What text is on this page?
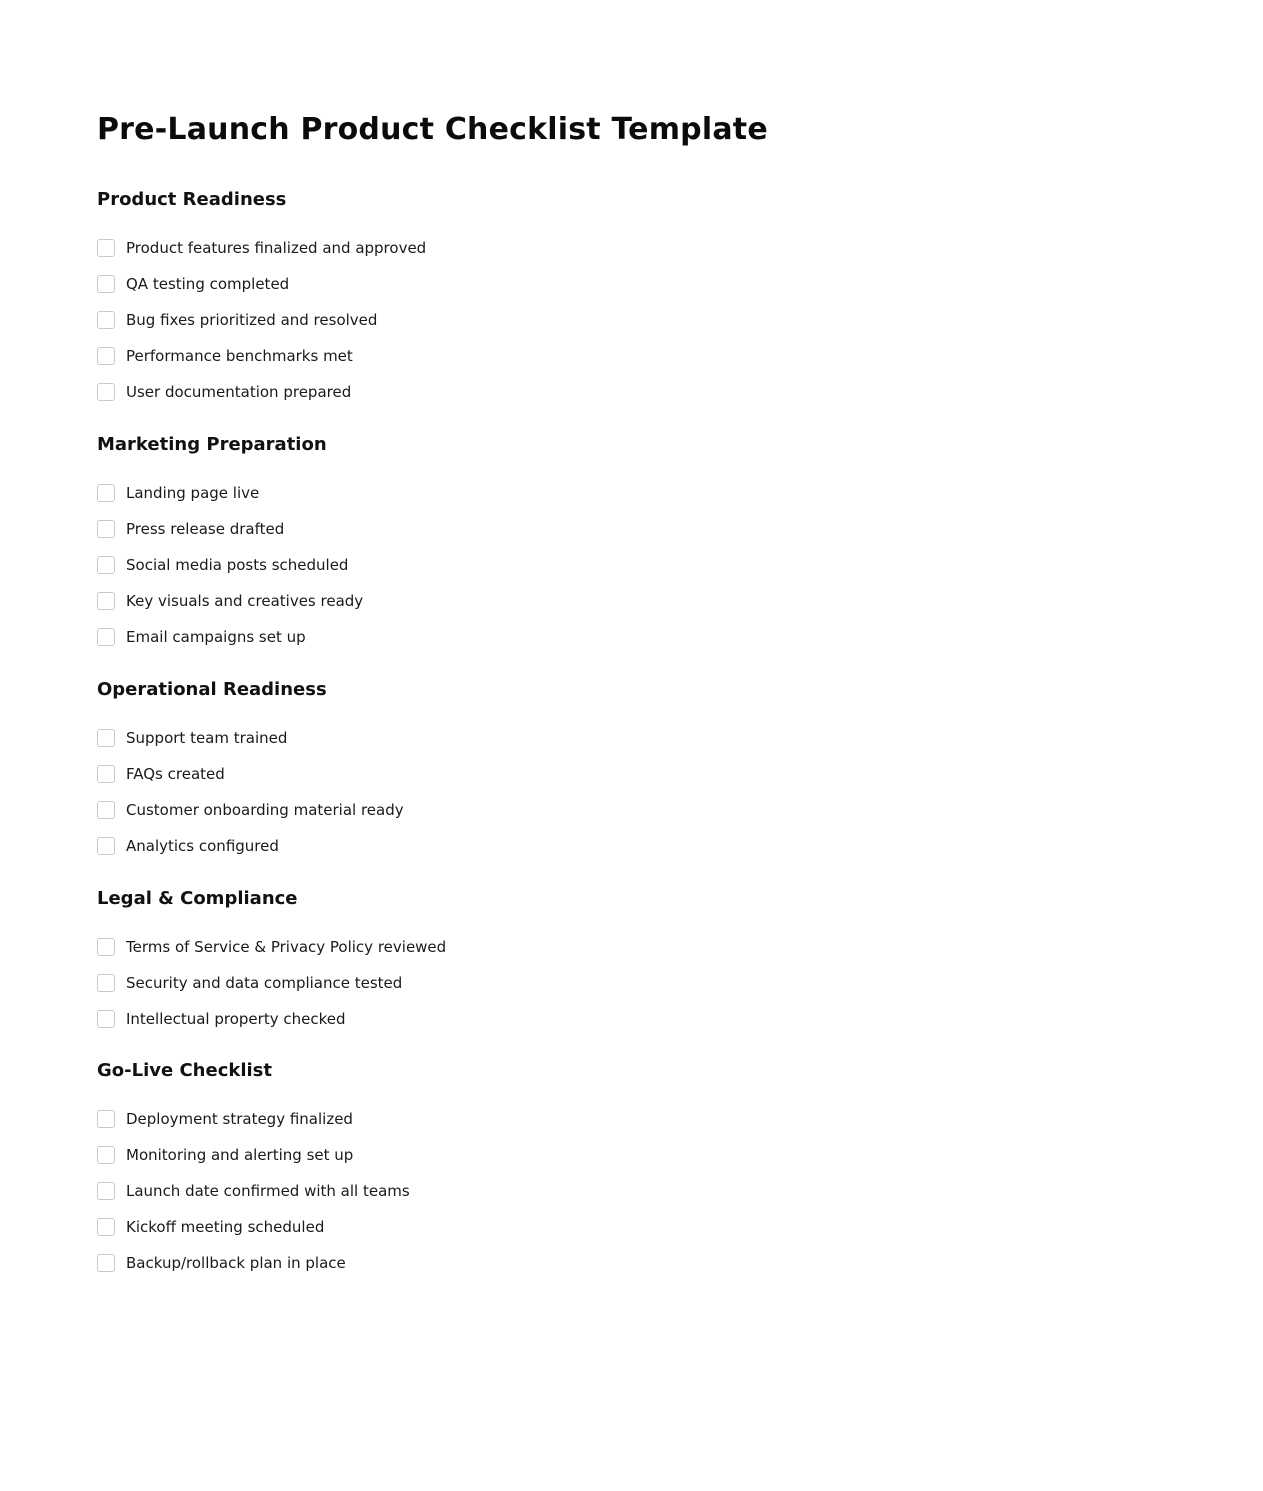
Pre-Launch Product Checklist Template
Product Readiness
Product features finalized and approved
QA testing completed
Bug fixes prioritized and resolved
Performance benchmarks met
User documentation prepared
Marketing Preparation
Landing page live
Press release drafted
Social media posts scheduled
Key visuals and creatives ready
Email campaigns set up
Operational Readiness
Support team trained
FAQs created
Customer onboarding material ready
Analytics configured
Legal & Compliance
Terms of Service & Privacy Policy reviewed
Security and data compliance tested
Intellectual property checked
Go-Live Checklist
Deployment strategy finalized
Monitoring and alerting set up
Launch date confirmed with all teams
Kickoff meeting scheduled
Backup/rollback plan in place
